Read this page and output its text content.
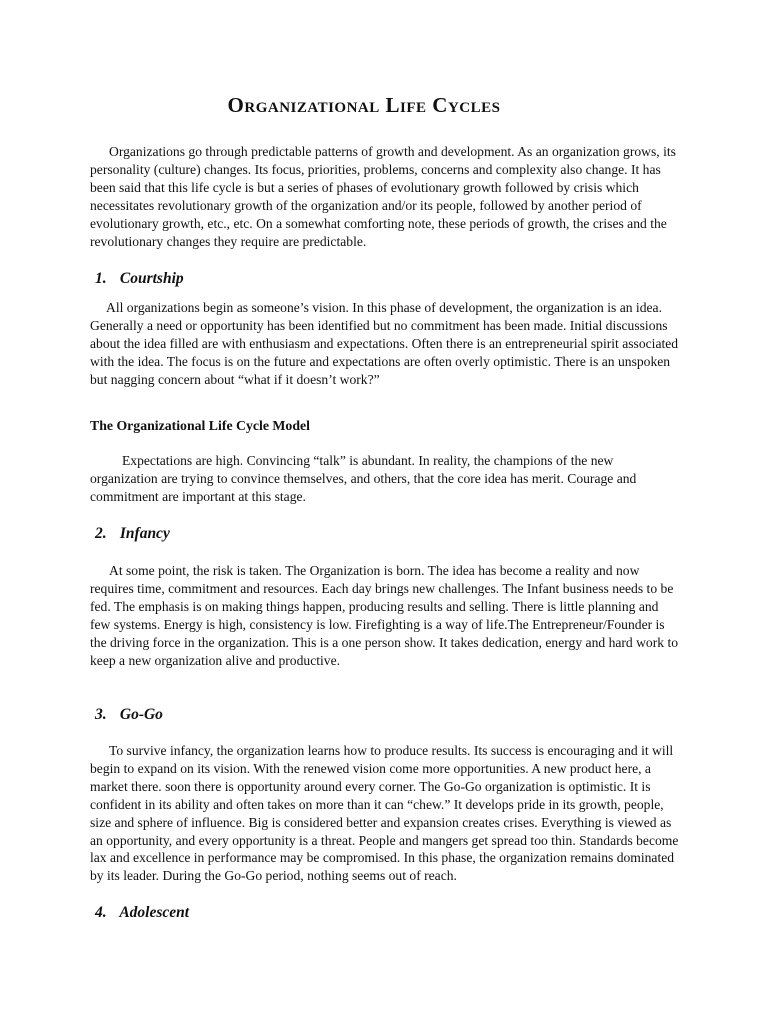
Organizational Life Cycles

Organizations go through predictable patterns of growth and development. As an organization grows, its personality (culture) changes. Its focus, priorities, problems, concerns and complexity also change. It has been said that this life cycle is but a series of phases of evolutionary growth followed by crisis which necessitates revolutionary growth of the organization and/or its people, followed by another period of evolutionary growth, etc., etc. On a somewhat comforting note, these periods of growth, the crises and the revolutionary changes they require are predictable.

1. Courtship

All organizations begin as someone’s vision. In this phase of development, the organization is an idea. Generally a need or opportunity has been identified but no commitment has been made. Initial discussions about the idea filled are with enthusiasm and expectations. Often there is an entrepreneurial spirit associated with the idea. The focus is on the future and expectations are often overly optimistic. There is an unspoken but nagging concern about “what if it doesn’t work?”

The Organizational Life Cycle Model

Expectations are high. Convincing “talk” is abundant. In reality, the champions of the new organization are trying to convince themselves, and others, that the core idea has merit. Courage and commitment are important at this stage.

2. Infancy

At some point, the risk is taken. The Organization is born. The idea has become a reality and now requires time, commitment and resources. Each day brings new challenges. The Infant business needs to be fed. The emphasis is on making things happen, producing results and selling. There is little planning and few systems. Energy is high, consistency is low. Firefighting is a way of life.The Entrepreneur/Founder is the driving force in the organization. This is a one person show. It takes dedication, energy and hard work to keep a new organization alive and productive.

3. Go-Go

To survive infancy, the organization learns how to produce results. Its success is encouraging and it will begin to expand on its vision. With the renewed vision come more opportunities. A new product here, a market there. soon there is opportunity around every corner. The Go-Go organization is optimistic. It is confident in its ability and often takes on more than it can “chew.” It develops pride in its growth, people, size and sphere of influence. Big is considered better and expansion creates crises. Everything is viewed as an opportunity, and every opportunity is a threat. People and mangers get spread too thin. Standards become lax and excellence in performance may be compromised. In this phase, the organization remains dominated by its leader. During the Go-Go period, nothing seems out of reach.

4. Adolescent
